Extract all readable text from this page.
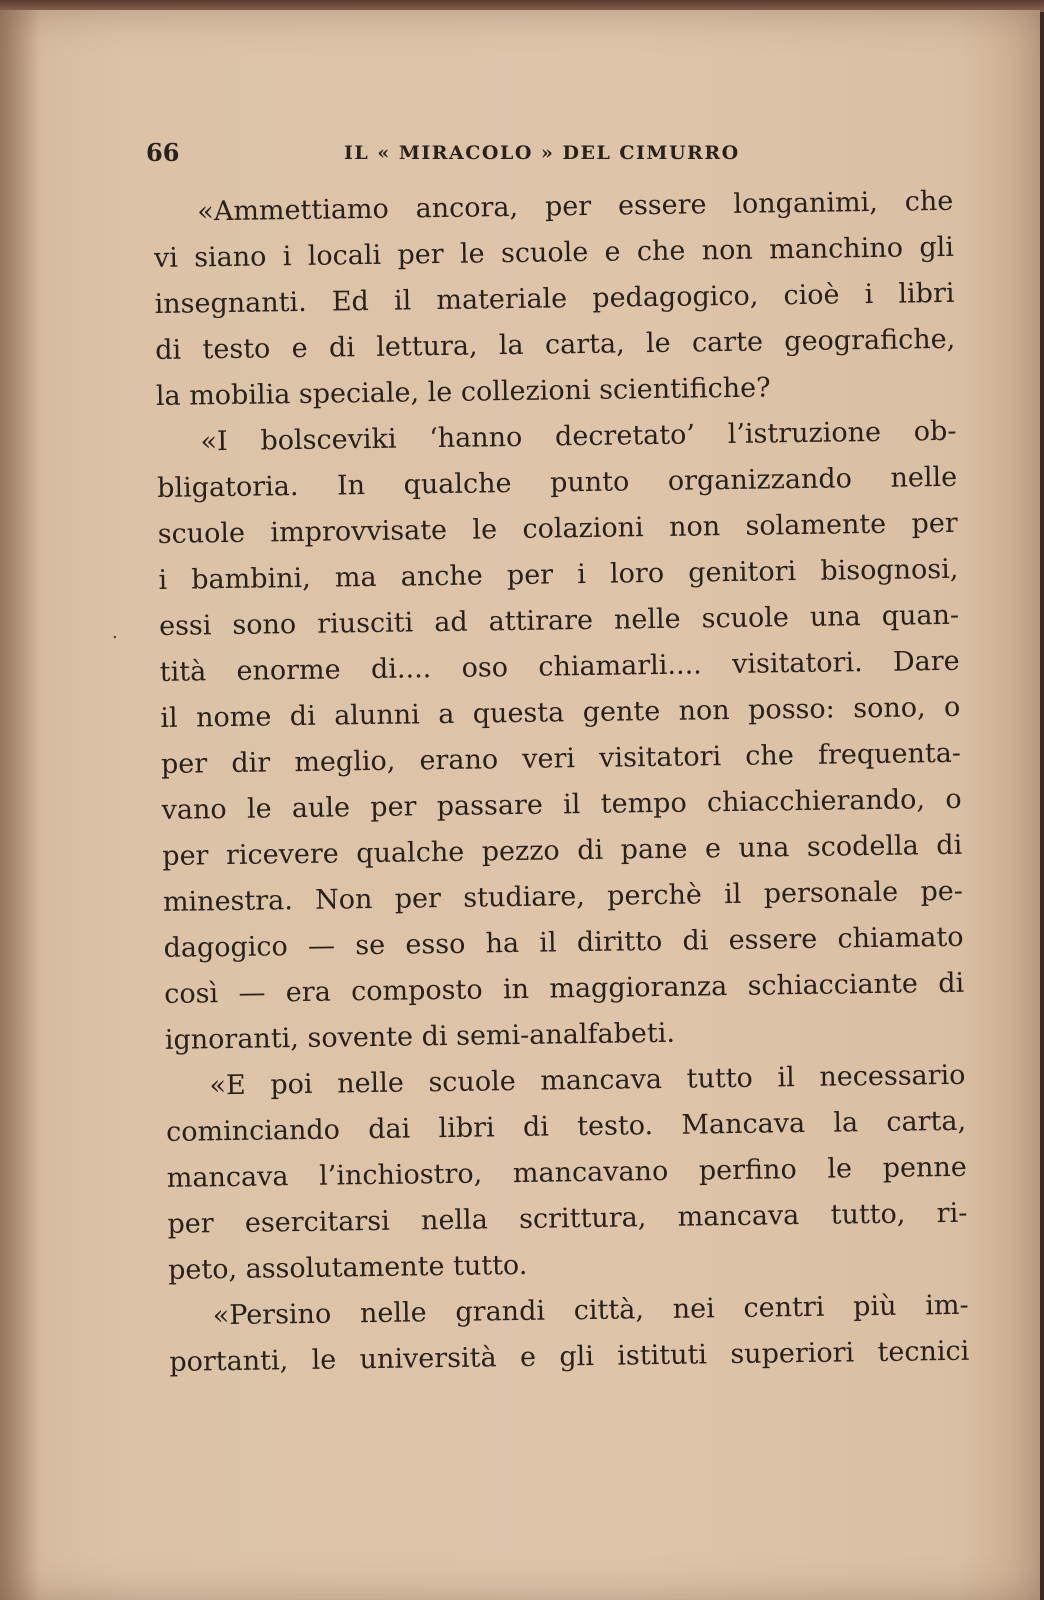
66	IL « MIRACOLO » DEL CIMURRO
.
«Ammettiamo ancora, per essere longanimi, che
vi siano i locali per le scuole e che non manchino gli
insegnanti. Ed il materiale pedagogico, cioè i libri
di testo e di lettura, la carta, le carte geografiche,
la mobilia speciale, le collezioni scientifiche?
«I bolsceviki ‘hanno decretato’ l’istruzione ob-
bligatoria. In qualche punto organizzando nelle
scuole improvvisate le colazioni non solamente per
i bambini, ma anche per i loro genitori bisognosi,
essi sono riusciti ad attirare nelle scuole una quan-
tità enorme di.... oso chiamarli.... visitatori. Dare
il nome di alunni a questa gente non posso: sono, o
per dir meglio, erano veri visitatori che frequenta-
vano le aule per passare il tempo chiacchierando, o
per ricevere qualche pezzo di pane e una scodella di
minestra. Non per studiare, perchè il personale pe-
dagogico — se esso ha il diritto di essere chiamato
così — era composto in maggioranza schiacciante di
ignoranti, sovente di semi-analfabeti.
«E poi nelle scuole mancava tutto il necessario
cominciando dai libri di testo. Mancava la carta,
mancava l’inchiostro, mancavano perfino le penne
per esercitarsi nella scrittura, mancava tutto, ri-
peto, assolutamente tutto.
«Persino nelle grandi città, nei centri più im-
portanti, le università e gli istituti superiori tecnici
